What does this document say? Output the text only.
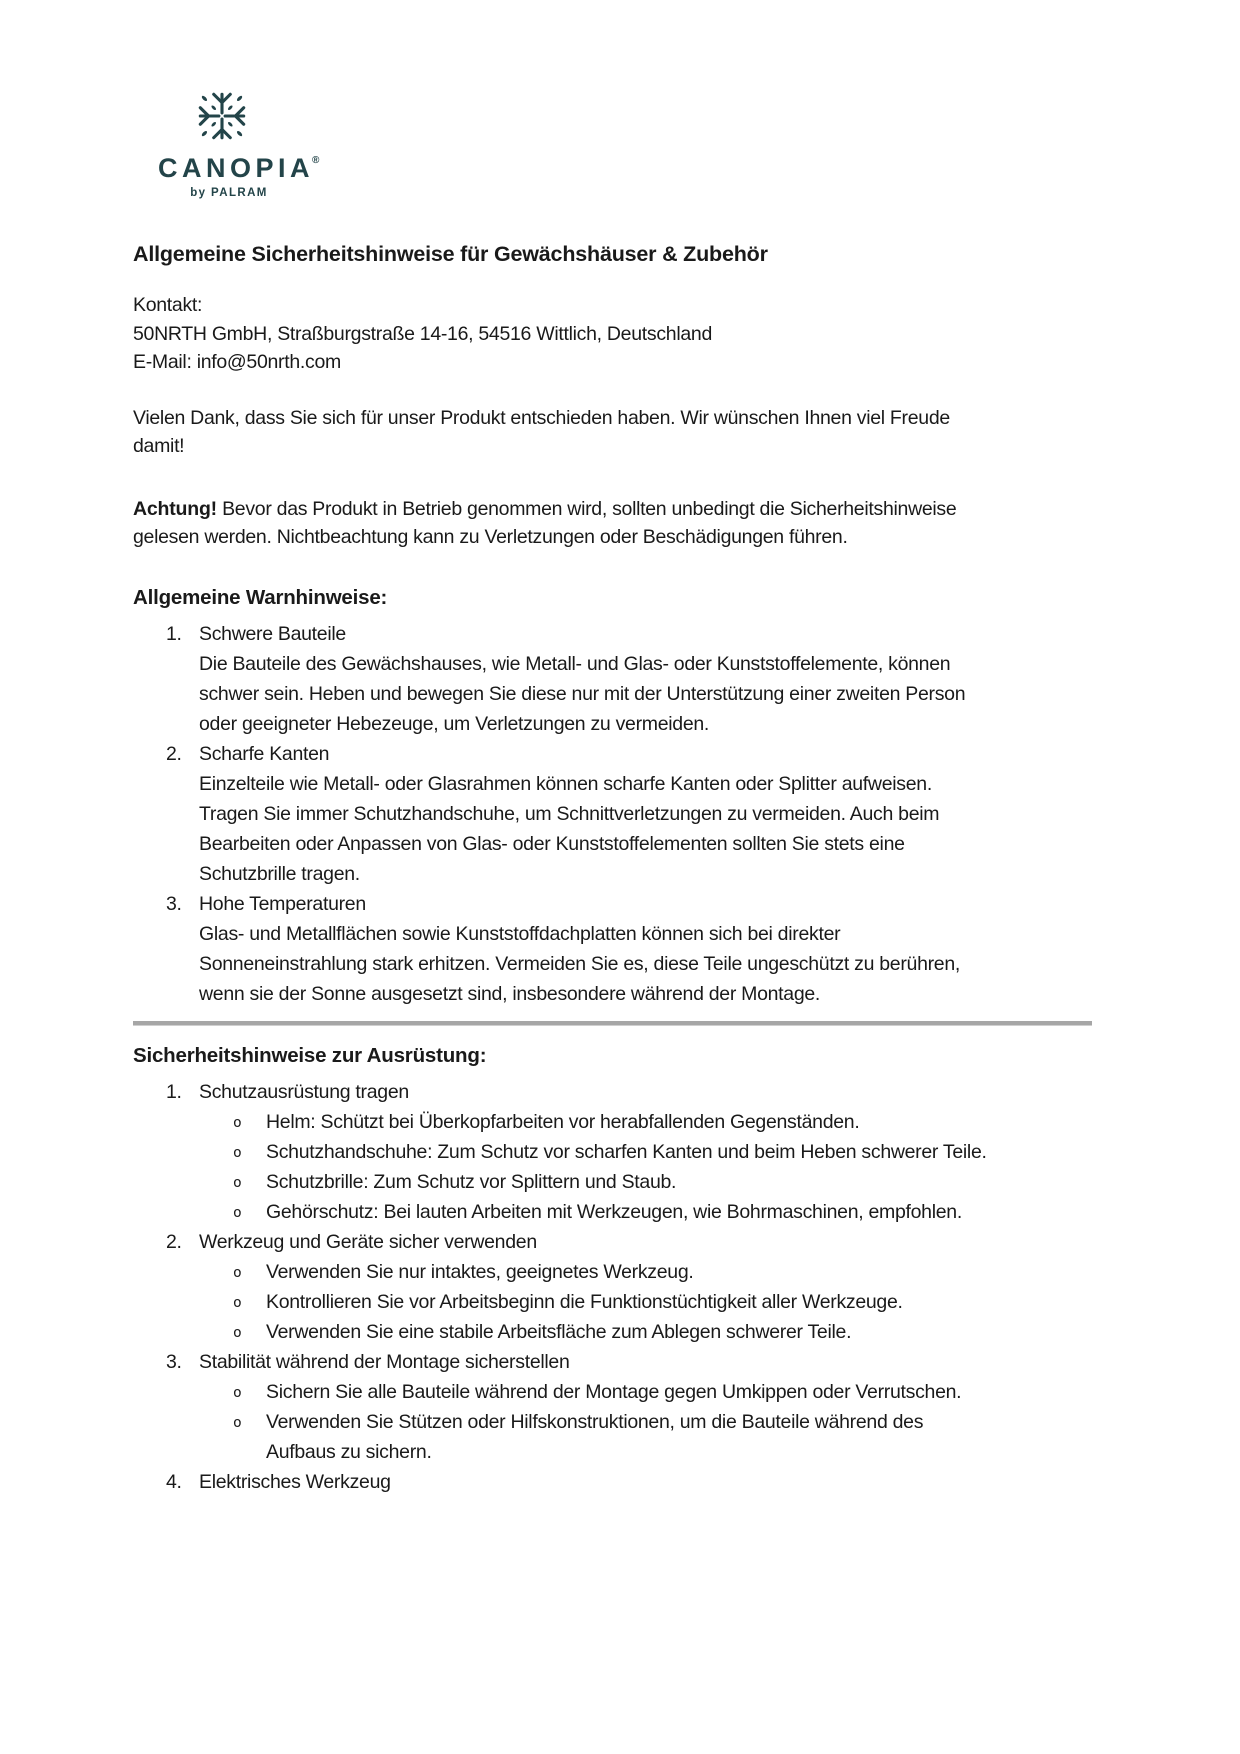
CANOPIA®
by PALRAM
Allgemeine Sicherheitshinweise für Gewächshäuser & Zubehör
Kontakt:
50NRTH GmbH, Straßburgstraße 14-16, 54516 Wittlich, Deutschland
E-Mail: info@50nrth.com

Vielen Dank, dass Sie sich für unser Produkt entschieden haben. Wir wünschen Ihnen viel Freude damit!

Achtung! Bevor das Produkt in Betrieb genommen wird, sollten unbedingt die Sicherheitshinweise gelesen werden. Nichtbeachtung kann zu Verletzungen oder Beschädigungen führen.

Allgemeine Warnhinweise:
1. Schwere Bauteile
Die Bauteile des Gewächshauses, wie Metall- und Glas- oder Kunststoffelemente, können schwer sein. Heben und bewegen Sie diese nur mit der Unterstützung einer zweiten Person oder geeigneter Hebezeuge, um Verletzungen zu vermeiden.
2. Scharfe Kanten
Einzelteile wie Metall- oder Glasrahmen können scharfe Kanten oder Splitter aufweisen. Tragen Sie immer Schutzhandschuhe, um Schnittverletzungen zu vermeiden. Auch beim Bearbeiten oder Anpassen von Glas- oder Kunststoffelementen sollten Sie stets eine Schutzbrille tragen.
3. Hohe Temperaturen
Glas- und Metallflächen sowie Kunststoffdachplatten können sich bei direkter Sonneneinstrahlung stark erhitzen. Vermeiden Sie es, diese Teile ungeschützt zu berühren, wenn sie der Sonne ausgesetzt sind, insbesondere während der Montage.
Sicherheitshinweise zur Ausrüstung:
1. Schutzausrüstung tragen
o Helm: Schützt bei Überkopfarbeiten vor herabfallenden Gegenständen.
o Schutzhandschuhe: Zum Schutz vor scharfen Kanten und beim Heben schwerer Teile.
o Schutzbrille: Zum Schutz vor Splittern und Staub.
o Gehörschutz: Bei lauten Arbeiten mit Werkzeugen, wie Bohrmaschinen, empfohlen.
2. Werkzeug und Geräte sicher verwenden
o Verwenden Sie nur intaktes, geeignetes Werkzeug.
o Kontrollieren Sie vor Arbeitsbeginn die Funktionstüchtigkeit aller Werkzeuge.
o Verwenden Sie eine stabile Arbeitsfläche zum Ablegen schwerer Teile.
3. Stabilität während der Montage sicherstellen
o Sichern Sie alle Bauteile während der Montage gegen Umkippen oder Verrutschen.
o Verwenden Sie Stützen oder Hilfskonstruktionen, um die Bauteile während des Aufbaus zu sichern.
4. Elektrisches Werkzeug
